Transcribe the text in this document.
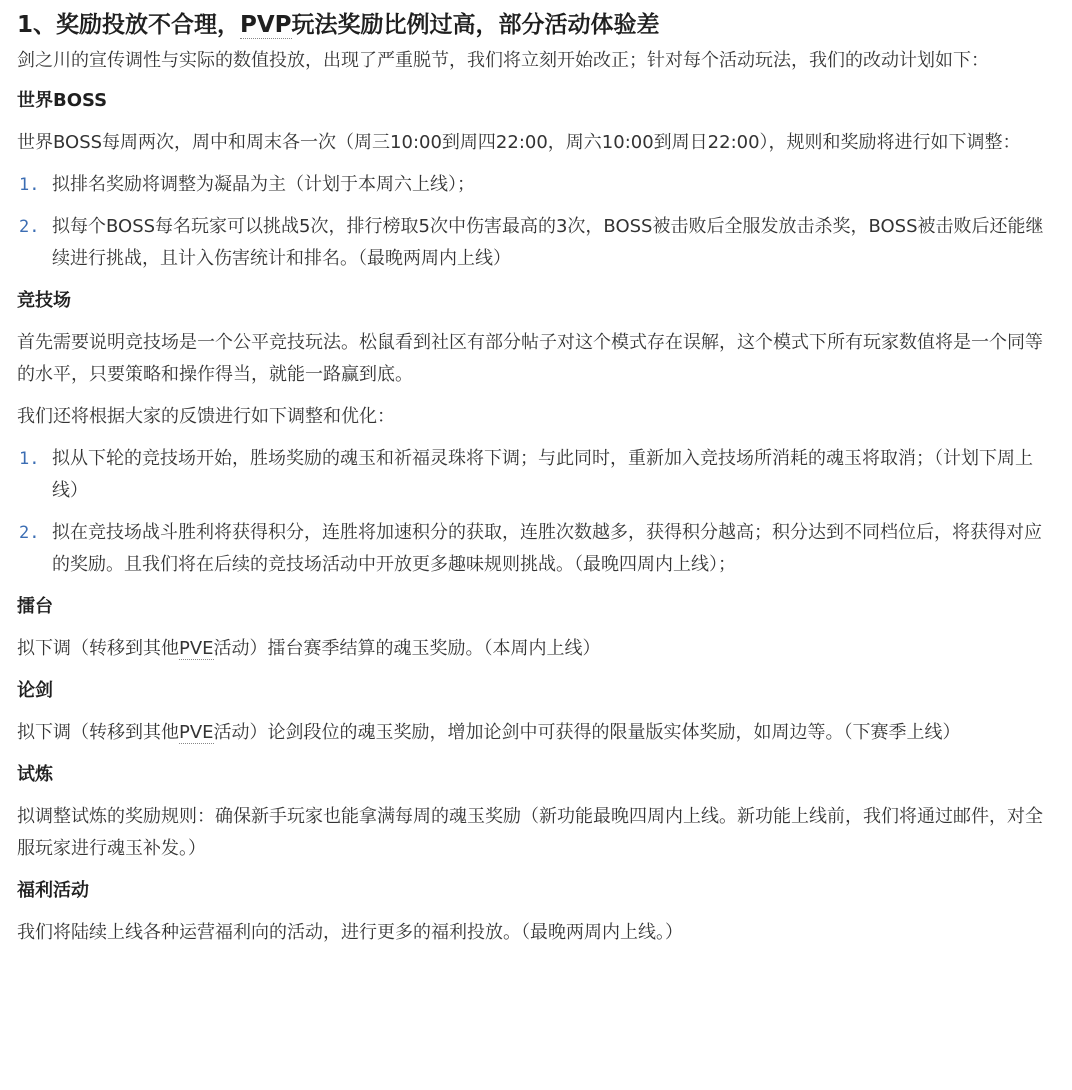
1、奖励投放不合理，PVP玩法奖励比例过高，部分活动体验差

剑之川的宣传调性与实际的数值投放，出现了严重脱节，我们将立刻开始改正；针对每个活动玩法，我们的改动计划如下：

世界BOSS

世界BOSS每周两次，周中和周末各一次（周三10:00到周四22:00，周六10:00到周日22:00），规则和奖励将进行如下调整：

1. 拟排名奖励将调整为凝晶为主（计划于本周六上线）；
2. 拟每个BOSS每名玩家可以挑战5次，排行榜取5次中伤害最高的3次，BOSS被击败后全服发放击杀奖，BOSS被击败后还能继续进行挑战，且计入伤害统计和排名。（最晚两周内上线）
竞技场

首先需要说明竞技场是一个公平竞技玩法。松鼠看到社区有部分帖子对这个模式存在误解，这个模式下所有玩家数值将是一个同等的水平，只要策略和操作得当，就能一路赢到底。

我们还将根据大家的反馈进行如下调整和优化：

1. 拟从下轮的竞技场开始，胜场奖励的魂玉和祈福灵珠将下调；与此同时，重新加入竞技场所消耗的魂玉将取消；（计划下周上线）
2. 拟在竞技场战斗胜利将获得积分，连胜将加速积分的获取，连胜次数越多，获得积分越高；积分达到不同档位后，将获得对应的奖励。且我们将在后续的竞技场活动中开放更多趣味规则挑战。（最晚四周内上线）；
擂台

拟下调（转移到其他PVE活动）擂台赛季结算的魂玉奖励。（本周内上线）

论剑

拟下调（转移到其他PVE活动）论剑段位的魂玉奖励，增加论剑中可获得的限量版实体奖励，如周边等。（下赛季上线）

试炼

拟调整试炼的奖励规则：确保新手玩家也能拿满每周的魂玉奖励（新功能最晚四周内上线。新功能上线前，我们将通过邮件，对全服玩家进行魂玉补发。）

福利活动

我们将陆续上线各种运营福利向的活动，进行更多的福利投放。（最晚两周内上线。）
